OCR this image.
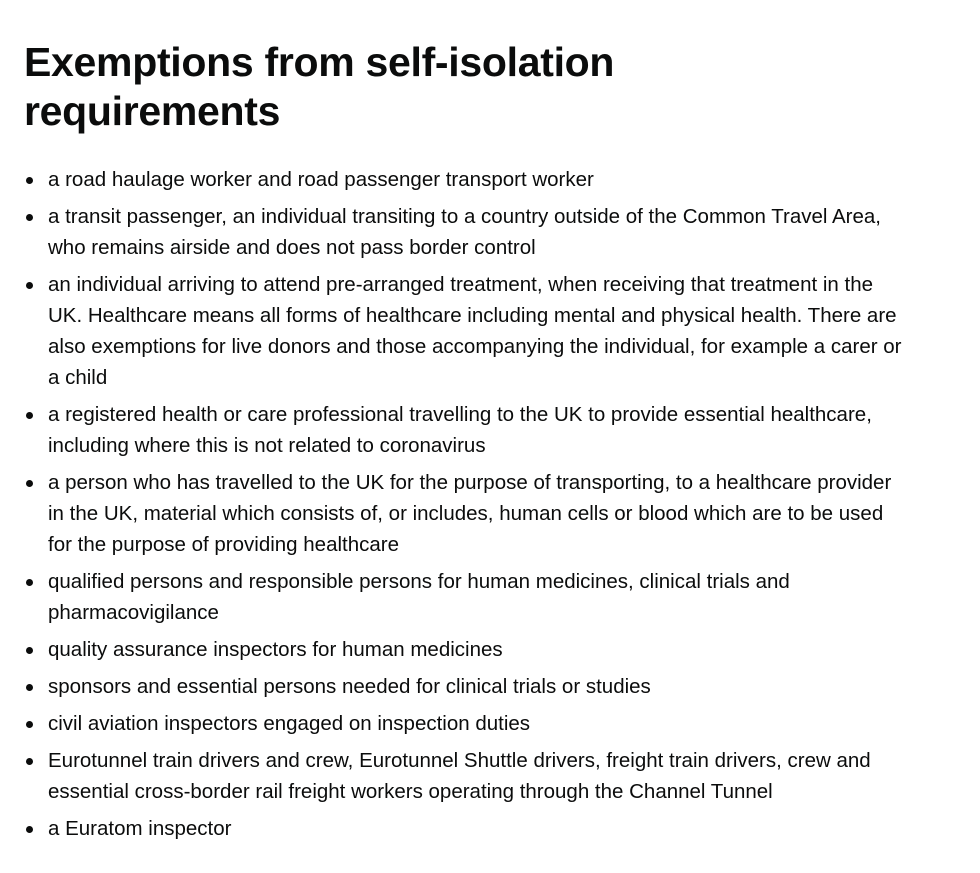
Exemptions from self-isolation requirements
a road haulage worker and road passenger transport worker
a transit passenger, an individual transiting to a country outside of the Common Travel Area, who remains airside and does not pass border control
an individual arriving to attend pre-arranged treatment, when receiving that treatment in the UK. Healthcare means all forms of healthcare including mental and physical health. There are also exemptions for live donors and those accompanying the individual, for example a carer or a child
a registered health or care professional travelling to the UK to provide essential healthcare, including where this is not related to coronavirus
a person who has travelled to the UK for the purpose of transporting, to a healthcare provider in the UK, material which consists of, or includes, human cells or blood which are to be used for the purpose of providing healthcare
qualified persons and responsible persons for human medicines, clinical trials and pharmacovigilance
quality assurance inspectors for human medicines
sponsors and essential persons needed for clinical trials or studies
civil aviation inspectors engaged on inspection duties
Eurotunnel train drivers and crew, Eurotunnel Shuttle drivers, freight train drivers, crew and essential cross-border rail freight workers operating through the Channel Tunnel
a Euratom inspector
